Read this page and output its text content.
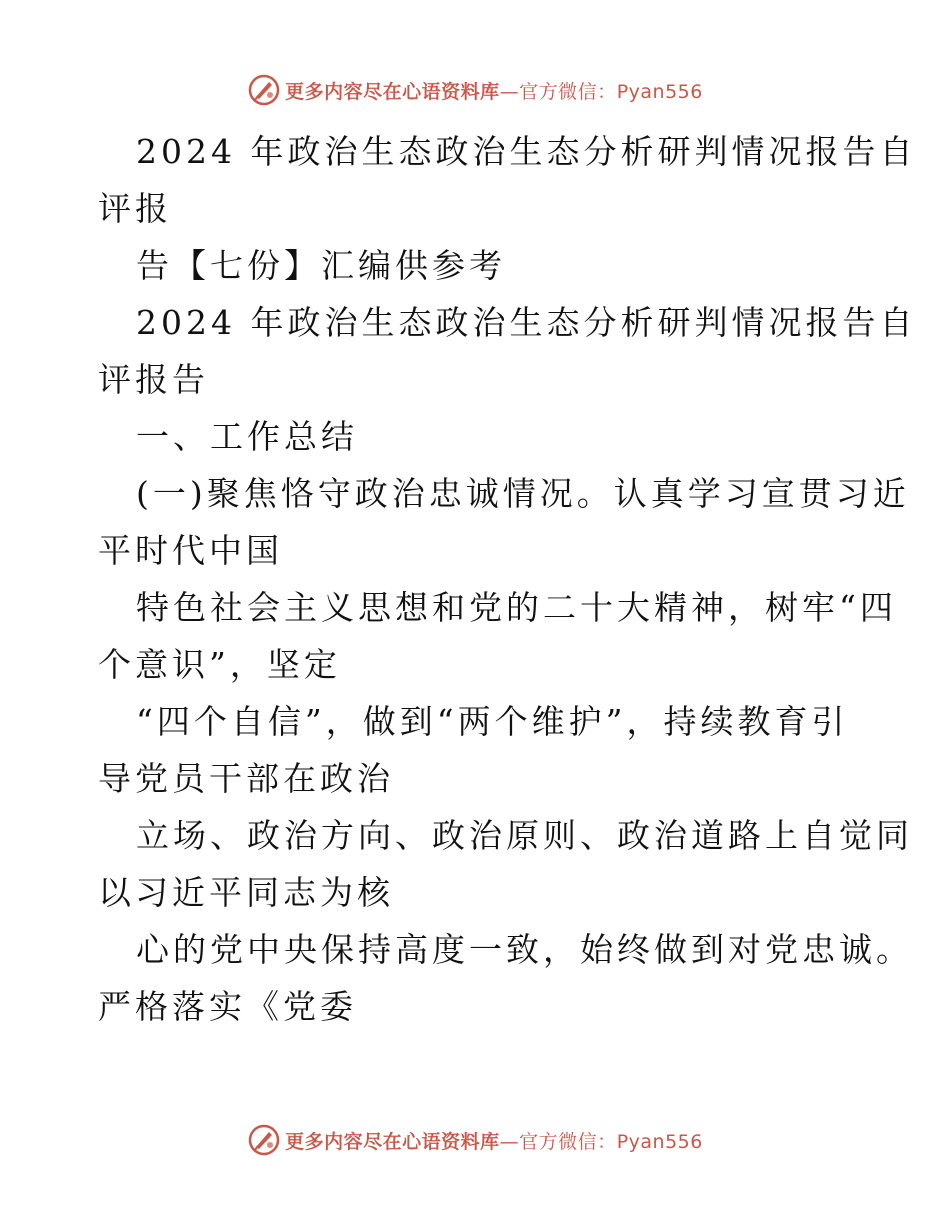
更多内容尽在心语资料库—官方微信：Pyan556

2024 年政治生态政治生态分析研判情况报告自
评报

告【七份】汇编供参考

2024 年政治生态政治生态分析研判情况报告自
评报告

一、工作总结

(一)聚焦恪守政治忠诚情况。认真学习宣贯习近
平时代中国

特色社会主义思想和党的二十大精神，树牢“四
个意识”，坚定

“四个自信”，做到“两个维护”，持续教育引
导党员干部在政治

立场、政治方向、政治原则、政治道路上自觉同
以习近平同志为核

心的党中央保持高度一致，始终做到对党忠诚。
严格落实《党委

更多内容尽在心语资料库—官方微信：Pyan556
